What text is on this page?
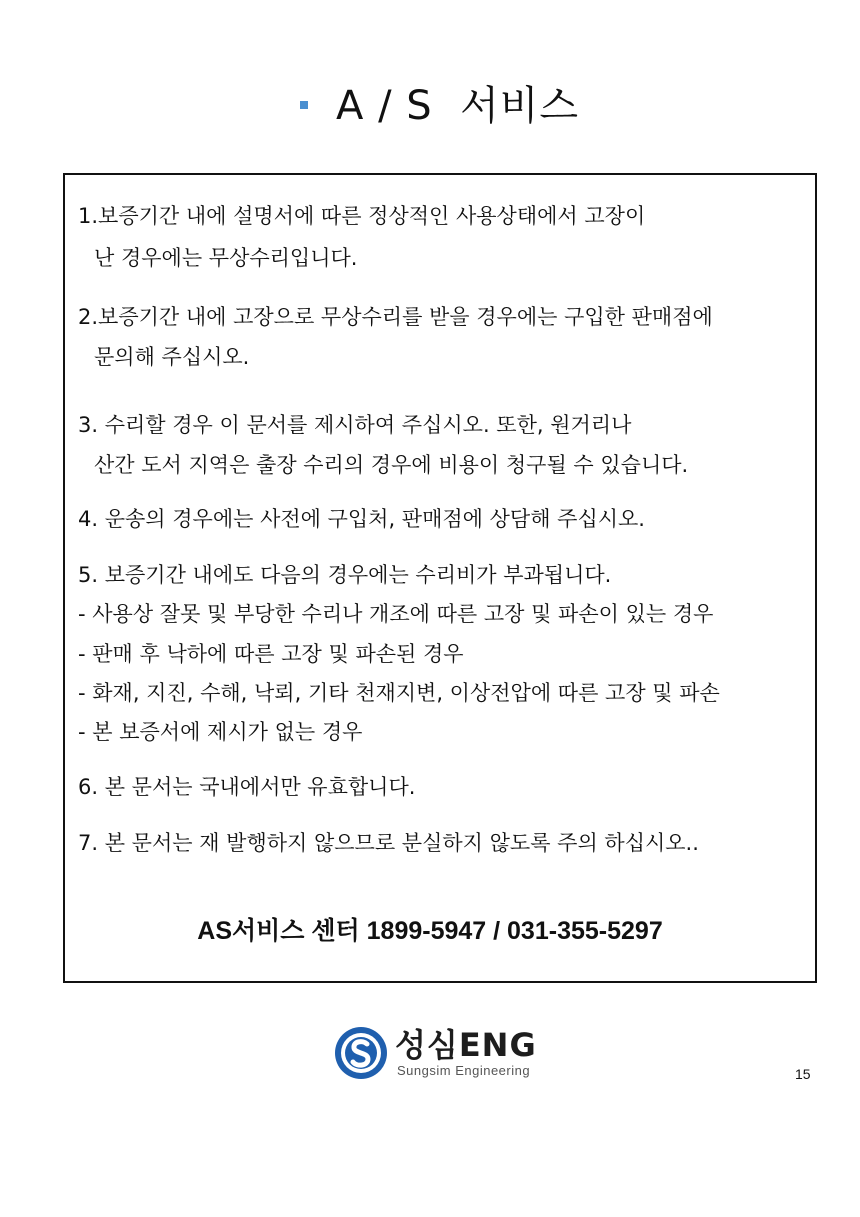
A / S  서비스
1.보증기간 내에 설명서에 따른 정상적인 사용상태에서 고장이
난 경우에는 무상수리입니다.
2.보증기간 내에 고장으로 무상수리를 받을 경우에는 구입한 판매점에
문의해 주십시오.
3. 수리할 경우 이 문서를 제시하여 주십시오. 또한, 원거리나
산간 도서 지역은 출장 수리의 경우에 비용이 청구될 수 있습니다.
4. 운송의 경우에는 사전에 구입처, 판매점에 상담해 주십시오.
5. 보증기간 내에도 다음의 경우에는 수리비가 부과됩니다.
- 사용상 잘못 및 부당한 수리나 개조에 따른 고장 및 파손이 있는 경우
- 판매 후 낙하에 따른 고장 및 파손된 경우
- 화재, 지진, 수해, 낙뢰, 기타 천재지변, 이상전압에 따른 고장 및 파손
- 본 보증서에 제시가 없는 경우
6. 본 문서는 국내에서만 유효합니다.
7. 본 문서는 재 발행하지 않으므로 분실하지 않도록 주의 하십시오..
AS서비스 센터 1899-5947 / 031-355-5297
성심ENG
Sungsim Engineering	15
